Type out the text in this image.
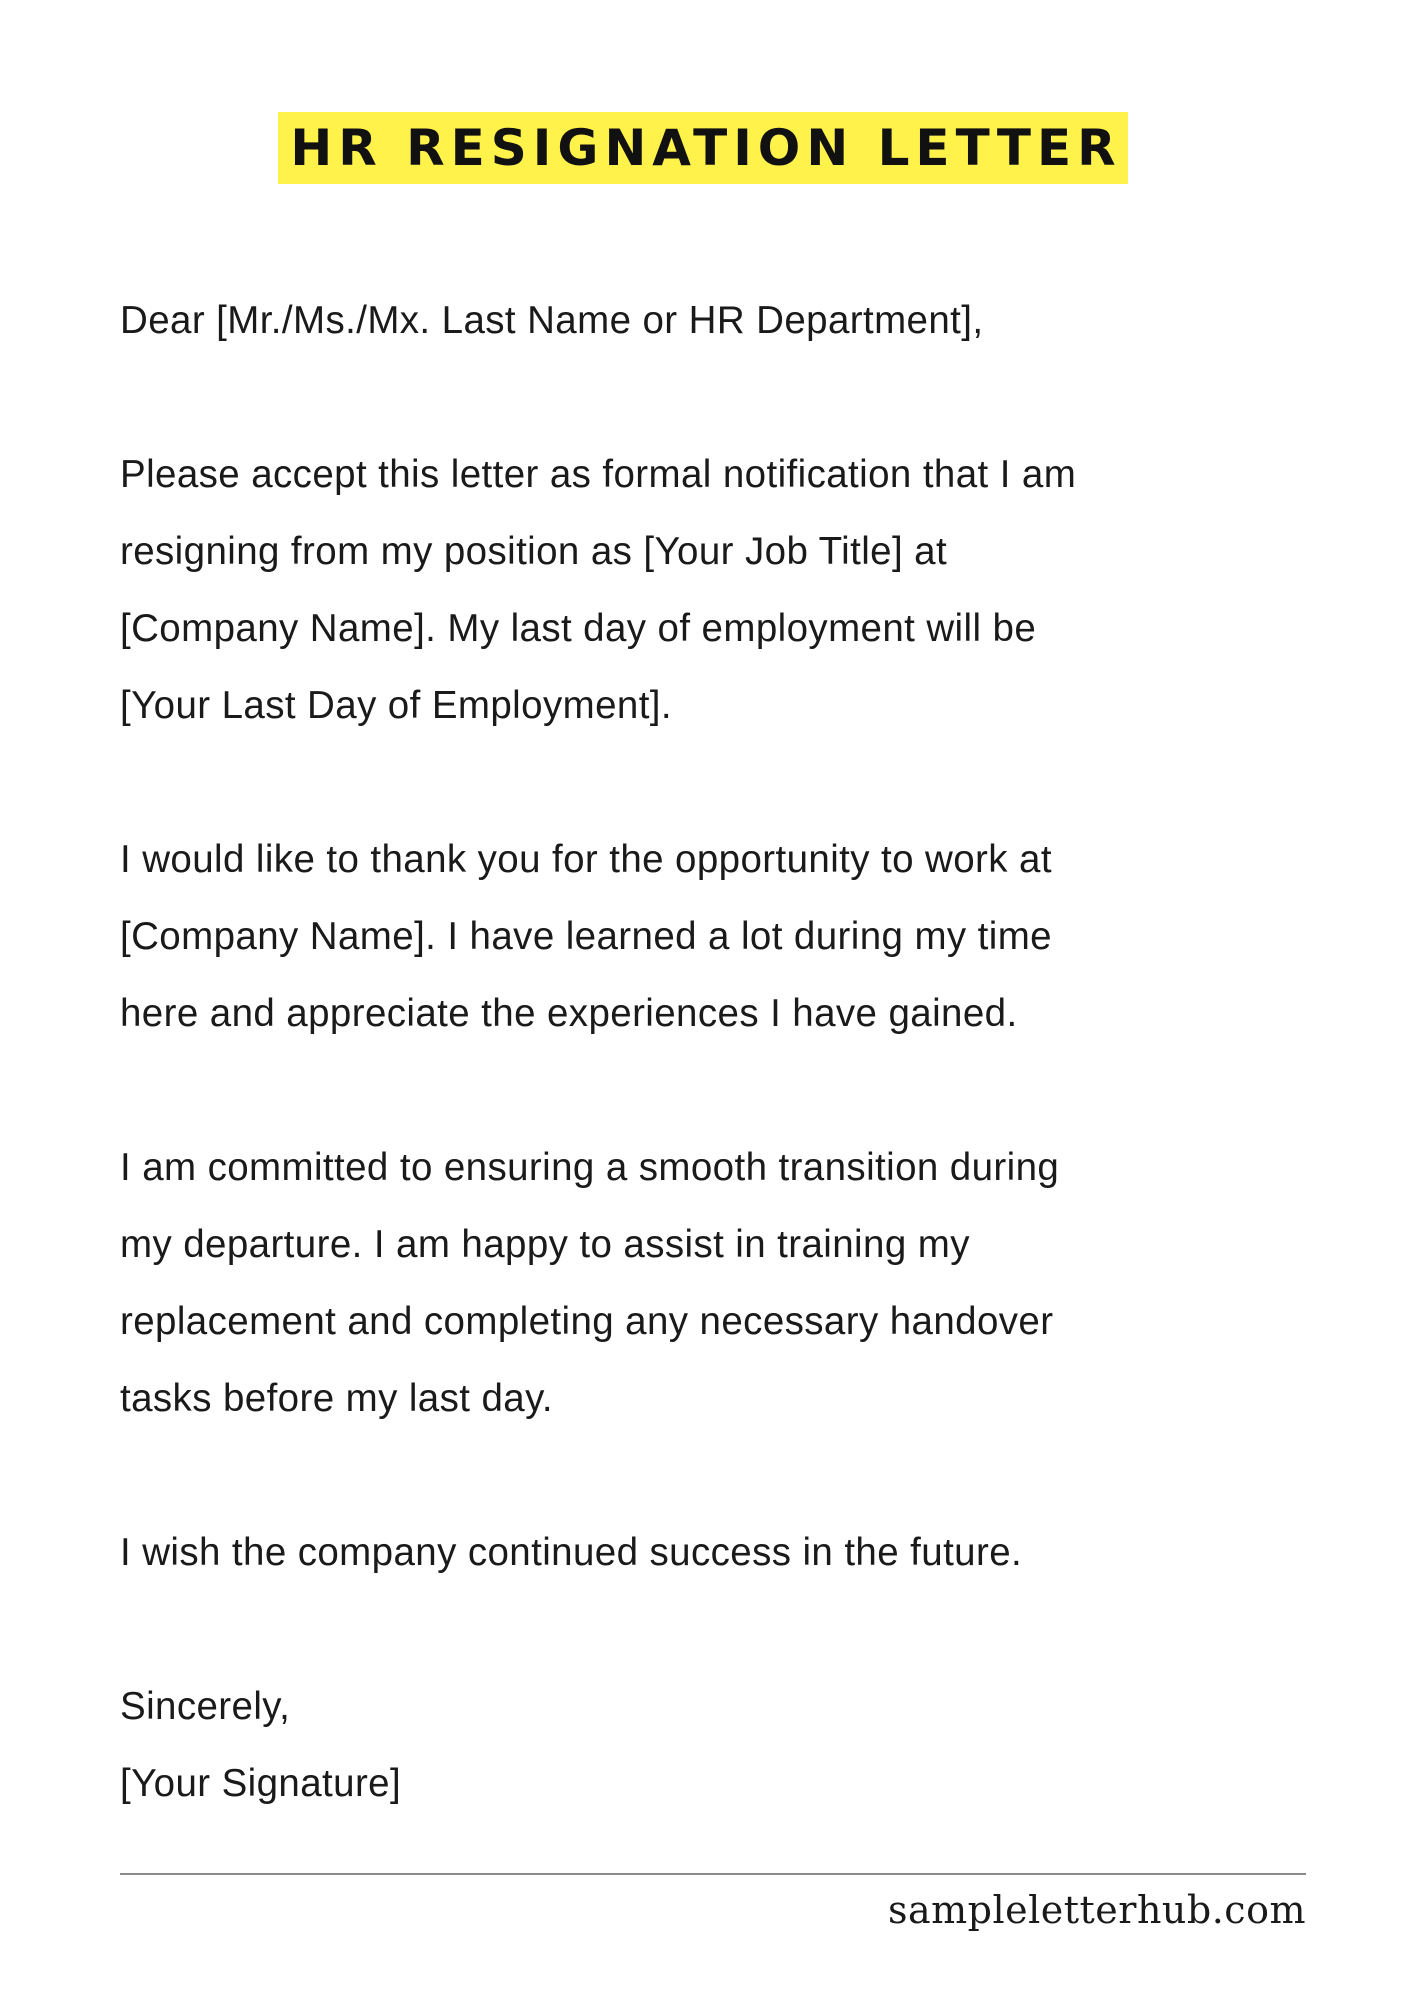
HR RESIGNATION LETTER

Dear [Mr./Ms./Mx. Last Name or HR Department],

Please accept this letter as formal notification that I am

resigning from my position as [Your Job Title] at

[Company Name]. My last day of employment will be

[Your Last Day of Employment].

I would like to thank you for the opportunity to work at

[Company Name]. I have learned a lot during my time

here and appreciate the experiences I have gained.

I am committed to ensuring a smooth transition during

my departure. I am happy to assist in training my

replacement and completing any necessary handover

tasks before my last day.

I wish the company continued success in the future.

Sincerely,

[Your Signature]

sampleletterhub.com
